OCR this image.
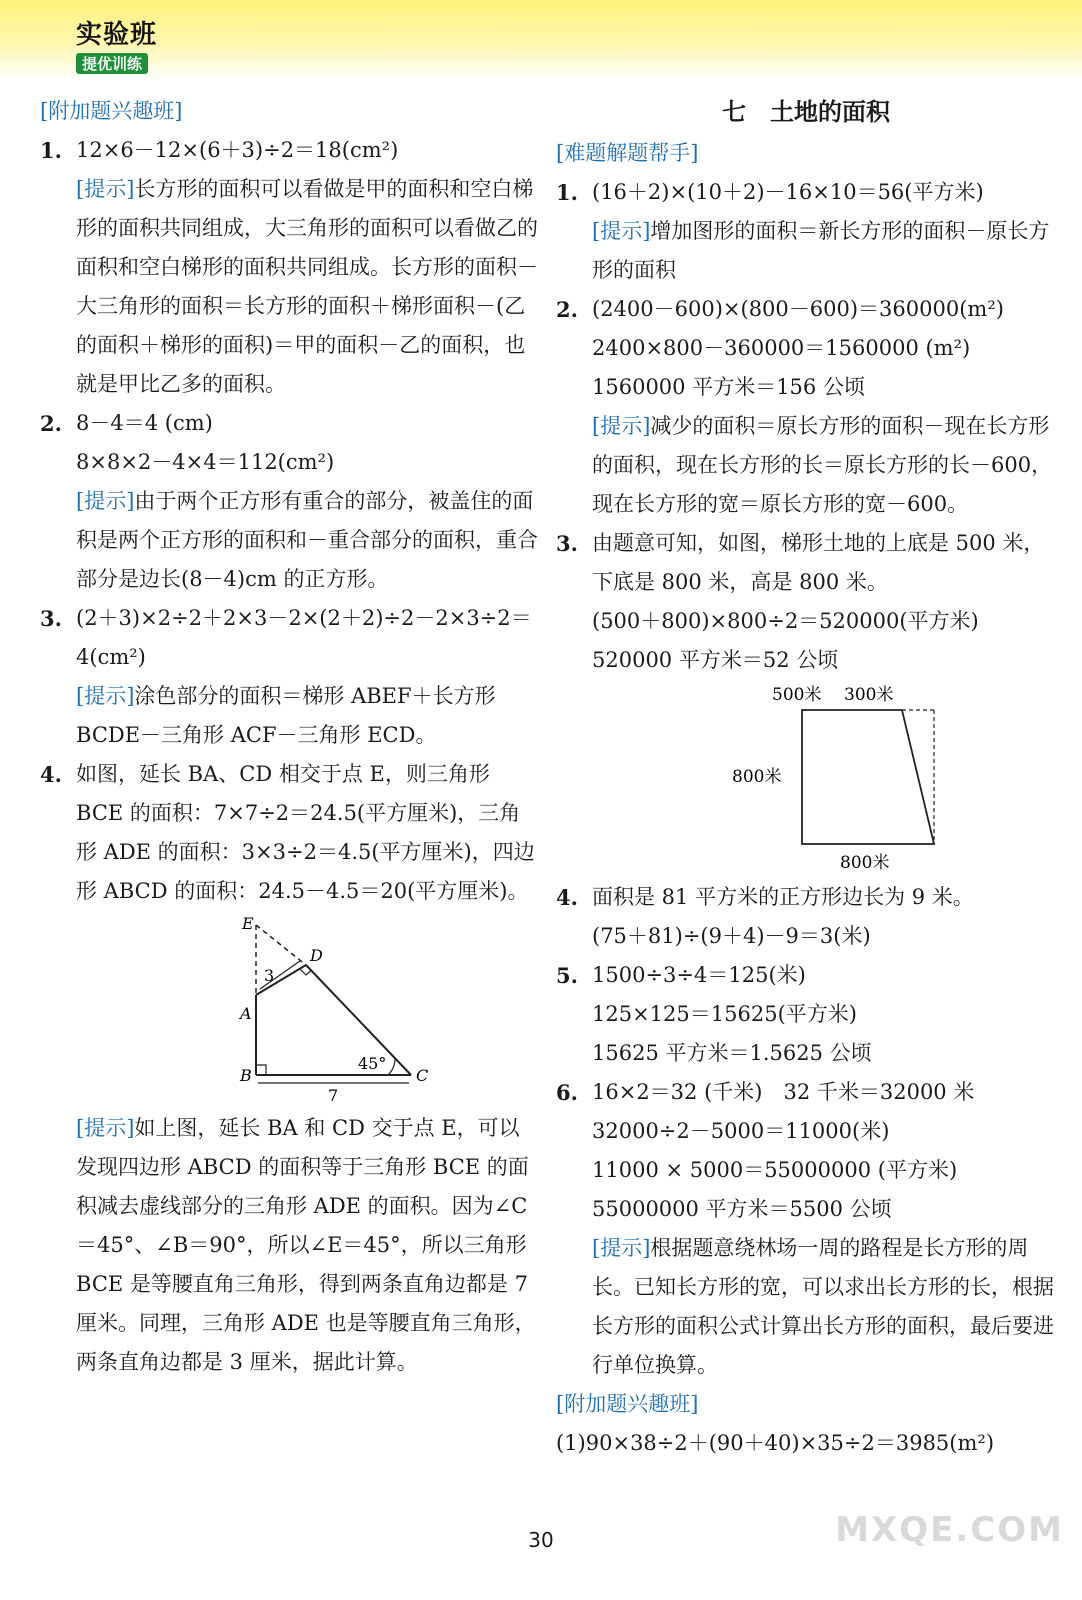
实验班
提优训练
[附加题兴趣班]
1. 12×6－12×(6＋3)÷2＝18(cm²)
[提示]长方形的面积可以看做是甲的面积和空白梯形的面积共同组成，大三角形的面积可以看做乙的面积和空白梯形的面积共同组成。长方形的面积－大三角形的面积＝长方形的面积＋梯形面积－(乙的面积＋梯形的面积)＝甲的面积－乙的面积，也就是甲比乙多的面积。
2. 8－4＝4 (cm)
8×8×2－4×4＝112(cm²)
[提示]由于两个正方形有重合的部分，被盖住的面积是两个正方形的面积和－重合部分的面积，重合部分是边长(8－4)cm 的正方形。
3. (2＋3)×2÷2＋2×3－2×(2＋2)÷2－2×3÷2＝4(cm²)
[提示]涂色部分的面积＝梯形 ABEF＋长方形 BCDE－三角形 ACF－三角形 ECD。
4. 如图，延长 BA、CD 相交于点 E，则三角形 BCE 的面积：7×7÷2＝24.5(平方厘米)，三角形 ADE 的面积：3×3÷2＝4.5(平方厘米)，四边形 ABCD 的面积：24.5－4.5＝20(平方厘米)。
E
D
A
B	C
3
7
45°
[提示]如上图，延长 BA 和 CD 交于点 E，可以发现四边形 ABCD 的面积等于三角形 BCE 的面积减去虚线部分的三角形 ADE 的面积。因为∠C＝45°、∠B＝90°，所以∠E＝45°，所以三角形 BCE 是等腰直角三角形，得到两条直角边都是 7 厘米。同理，三角形 ADE 也是等腰直角三角形，两条直角边都是 3 厘米，据此计算。
七　土地的面积
[难题解题帮手]
1. (16＋2)×(10＋2)－16×10＝56(平方米)
[提示]增加图形的面积＝新长方形的面积－原长方形的面积
2. (2400－600)×(800－600)＝360000(m²)
2400×800－360000＝1560000 (m²)
1560000 平方米＝156 公顷
[提示]减少的面积＝原长方形的面积－现在长方形的面积，现在长方形的长＝原长方形的长－600，现在长方形的宽＝原长方形的宽－600。
3. 由题意可知，如图，梯形土地的上底是 500 米，下底是 800 米，高是 800 米。
(500＋800)×800÷2＝520000(平方米)
520000 平方米＝52 公顷
500米 300米
800米
800米
4. 面积是 81 平方米的正方形边长为 9 米。
(75＋81)÷(9＋4)－9＝3(米)
5. 1500÷3÷4＝125(米)
125×125＝15625(平方米)
15625 平方米＝1.5625 公顷
6. 16×2＝32 (千米)　32 千米＝32000 米
32000÷2－5000＝11000(米)
11000 × 5000＝55000000 (平方米)
55000000 平方米＝5500 公顷
[提示]根据题意绕林场一周的路程是长方形的周长。已知长方形的宽，可以求出长方形的长，根据长方形的面积公式计算出长方形的面积，最后要进行单位换算。
[附加题兴趣班]
(1)90×38÷2＋(90＋40)×35÷2＝3985(m²)
30	MXQE.COM
